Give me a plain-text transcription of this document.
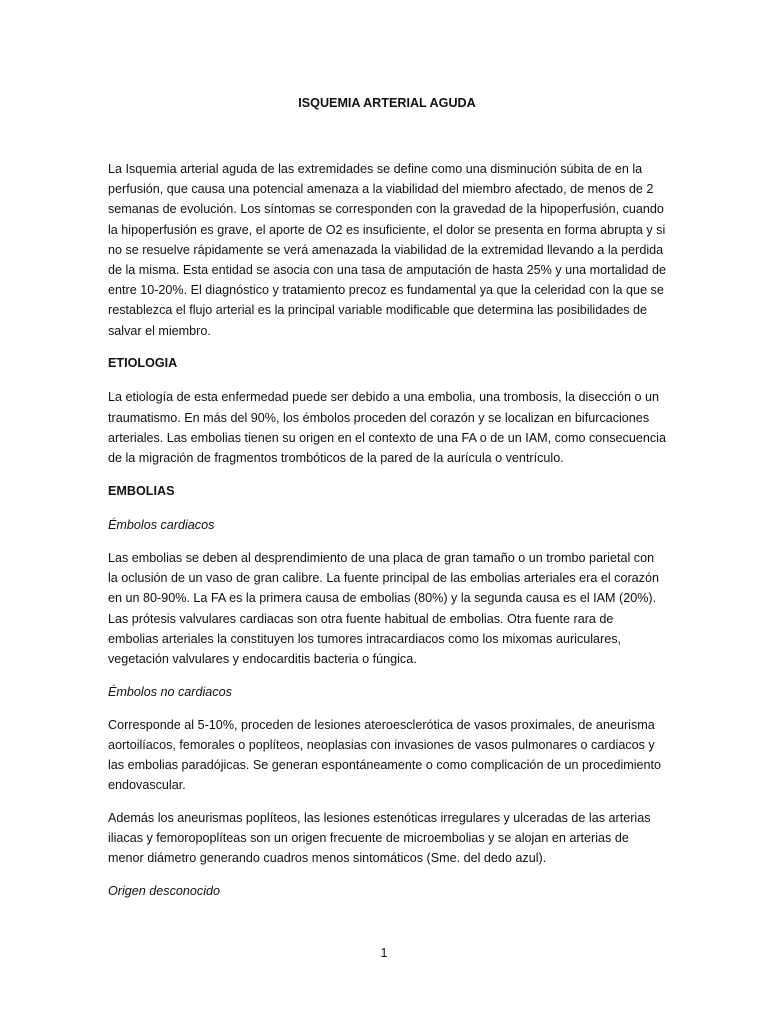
ISQUEMIA ARTERIAL AGUDA

La Isquemia arterial aguda de las extremidades se define como una disminución súbita de en la perfusión, que causa una potencial amenaza a la viabilidad del miembro afectado, de menos de 2 semanas de evolución. Los síntomas se corresponden con la gravedad de la hipoperfusión, cuando la hipoperfusión es grave, el aporte de O2 es insuficiente, el dolor se presenta en forma abrupta y si no se resuelve rápidamente se verá amenazada la viabilidad de la extremidad llevando a la perdida de la misma. Esta entidad se asocia con una tasa de amputación de hasta 25% y una mortalidad de entre 10-20%. El diagnóstico y tratamiento precoz es fundamental ya que la celeridad con la que se restablezca el flujo arterial es la principal variable modificable que determina las posibilidades de salvar el miembro.

ETIOLOGIA

La etiología de esta enfermedad puede ser debido a una embolia, una trombosis, la disección o un traumatismo. En más del 90%, los émbolos proceden del corazón y se localizan en bifurcaciones arteriales. Las embolias tienen su origen en el contexto de una FA o de un IAM, como consecuencia de la migración de fragmentos trombóticos de la pared de la aurícula o ventrículo.

EMBOLIAS
Émbolos cardiacos

Las embolias se deben al desprendimiento de una placa de gran tamaño o un trombo parietal con la oclusión de un vaso de gran calibre. La fuente principal de las embolias arteriales era el corazón en un 80-90%. La FA es la primera causa de embolias (80%) y la segunda causa es el IAM (20%). Las prótesis valvulares cardiacas son otra fuente habitual de embolias. Otra fuente rara de embolias arteriales la constituyen los tumores intracardiacos como los mixomas auriculares, vegetación valvulares y endocarditis bacteria o fúngica.

Émbolos no cardiacos

Corresponde al 5-10%, proceden de lesiones ateroesclerótica de vasos proximales, de aneurisma aortoilíacos, femorales o poplíteos, neoplasias con invasiones de vasos pulmonares o cardiacos y las embolias paradójicas. Se generan espontáneamente o como complicación de un procedimiento endovascular.

Además los aneurismas poplíteos, las lesiones estenóticas irregulares y ulceradas de las arterias iliacas y femoropoplíteas son un origen frecuente de microembolias y se alojan en arterias de menor diámetro generando cuadros menos sintomáticos (Sme. del dedo azul).

Origen desconocido
1
